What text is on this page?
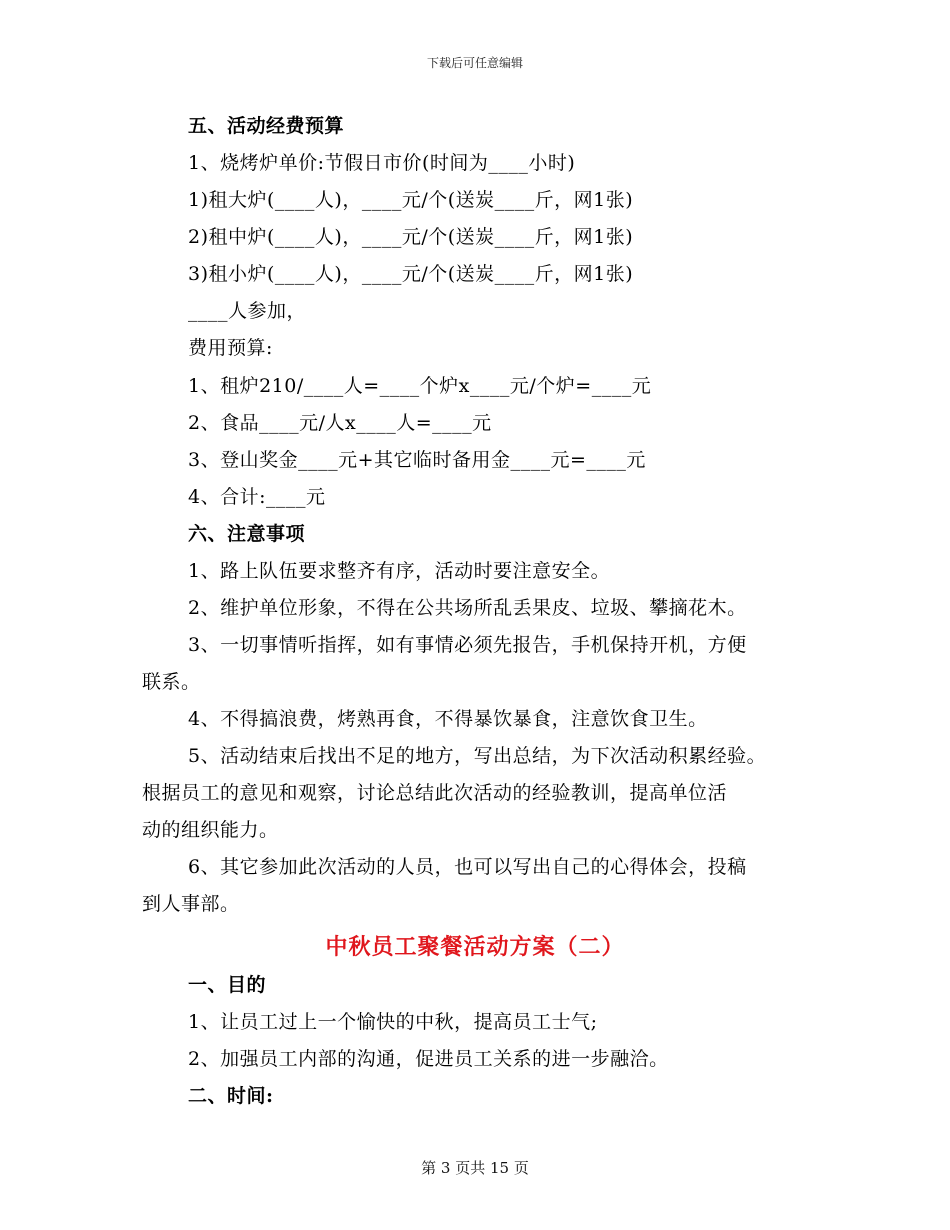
下载后可任意编辑
五、活动经费预算
1、烧烤炉单价:节假日市价(时间为____小时)
1)租大炉(____人)，____元/个(送炭____斤，网1张)
2)租中炉(____人)，____元/个(送炭____斤，网1张)
3)租小炉(____人)，____元/个(送炭____斤，网1张)
____人参加，
费用预算:
1、租炉210/____人=____个炉x____元/个炉=____元
2、食品____元/人x____人=____元
3、登山奖金____元+其它临时备用金____元=____元
4、合计:____元
六、注意事项
1、路上队伍要求整齐有序，活动时要注意安全。
2、维护单位形象，不得在公共场所乱丢果皮、垃圾、攀摘花木。
3、一切事情听指挥，如有事情必须先报告，手机保持开机，方便
联系。
4、不得搞浪费，烤熟再食，不得暴饮暴食，注意饮食卫生。
5、活动结束后找出不足的地方，写出总结，为下次活动积累经验。
根据员工的意见和观察，讨论总结此次活动的经验教训，提高单位活
动的组织能力。
6、其它参加此次活动的人员，也可以写出自己的心得体会，投稿
到人事部。
中秋员工聚餐活动方案（二）
一、目的
1、让员工过上一个愉快的中秋，提高员工士气;
2、加强员工内部的沟通，促进员工关系的进一步融洽。
二、时间:
第 3 页共 15 页
